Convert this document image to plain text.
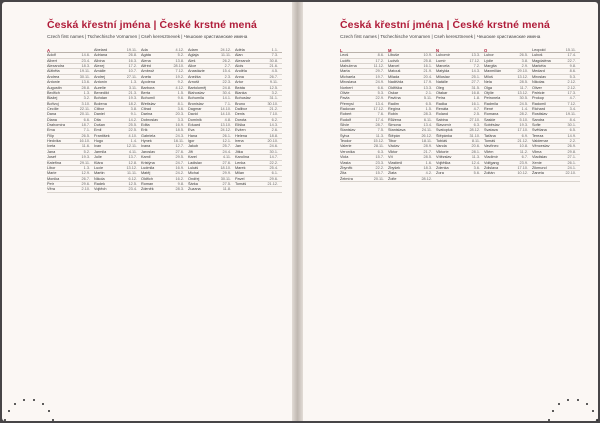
Česká křestní jména | České krstné mená
Czech first names | Tschechische Vornamen | Cseh keresztnevek | Чешские христианские имена
A	Abelard	19.11. Ada	4.12. Adam	24.12. Adéla	1.1.
Adolf	14.6. Adriana	26.8. Agáta	5.2. Aglaja	11.11. Alan	7.3.
Albert	23.4. Albína	16.3. Alena	13.8. Aleš	26.2. Alexandr	30.8.
Alexandra	18.3. Alexej	17.2. Alfréd	28.10. Alice	2.7. Alois	21.6.
Alžběta	19.11. Amálie	10.7. Ambrož	7.12. Anastázie	15.4. Anděla	4.5.
Andrea	30.11. Andrej	27.11. Aneta	19.2. Anežka	2.3. Anna	26.7.
Antonie	13.6. Antonín	1.3. Apolena	9.2. Arnošt	22.3. Artur	9.11.
Augustin	28.8. Aurelie	3.11. Barbora	4.12. Bartoloměj	24.8. Beáta	12.5.
Bedřich	1.3. Benedikt	21.3. Berta	1.5. Blahoslav	30.4. Blanka	3.2.
Blažej	3.2. Bohdan	19.3. Bohumil	9.6. Bohumila	14.1. Bohuslav	31.1.
Bořivoj	3.10. Božena	18.2. Břetislav	8.1. Bronislav	7.1. Bruno	30.10.
Cecílie	22.11. Ctibor	3.8. Ctirad	3.6. Dagmar	14.10. Dalibor	21.2.
Dana	20.11. Daniel	9.1. Darina	20.3. David	14.10. Denis	7.10.
Diana	6.6. Dita	14.2. Dobroslav	3.3. Dominik	4.8. Dorota	6.2.
Drahomíra	18.7. Dušan	25.5. Edita	16.9. Eduard	13.10. Eliška	14.3.
Ema	7.1. Emil	22.5. Erik	18.5. Eva	24.12. Evžen	2.6.
Filip	26.5. František	4.10. Gabriela	24.3. Hana	26.1. Helena	18.8.
Hedvika	16.10. Hugo	1.4. Hynek	16.11. Igor	12.1. Irena	20.10.
Iveta	11.6. Ivan	12.11. Ivana	12.7. Jakub	25.7. Jan	24.6.
Jana	5.2. Jarmila	4.11. Jaroslav	27.6. Jiří	24.4. Jitka	30.1.
Josef	19.3. Julie	13.7. Kamil	29.5. Karel	4.11. Karolína	14.7.
Kateřina	29.11. Klára	12.8. Kristýna	24.7. Ladislav	27.6. Lenka	22.2.
Libor	1.3. Lucie	13.12. Ludmila	16.9. Lukáš	18.10. Marek	25.4.
Marie	12.9. Martin	11.11. Matěj	24.2. Michal	29.9. Milan	6.1.
Monika	26.7. Nikola	6.12. Oldřich	16.2. Ondřej	30.11. Pavel	29.6.
Petr	29.6. Radek	12.5. Roman	9.8. Šárka	27.5. Tomáš	21.12.
Věra	2.10. Vojtěch	23.4. Zdeněk	28.3. Zuzana	11.8.
Česká křestní jména | České krstné mená
Czech first names | Tschechische Vornamen | Cseh keresztnevek | Чешские христианские имена
L	M	N	O	Leopold	15.11.
Leoš	8.6. Libuše	10.9. Lubomír	13.3. Lubor	26.5. Luboš	17.4.
Luděk	17.2. Ludvík	25.8. Lumír	17.12. Lýdie	3.8. Magdaléna	22.7.
Mahulena	11.12. Marcel	16.1. Marcela	7.2. Margita	2.9. Markéta	9.8.
Marta	29.7. Matouš	21.9. Matylda	14.3. Maxmilián	29.10. Medard	8.6.
Michaela	19.7. Milada	20.4. Miloslav	25.1. Miloš	13.12. Miroslav	5.3.
Miroslava	24.9. Naděžda	17.9. Natálie	27.7. Nela	28.5. Nikolas	2.12.
Norbert	6.6. Oldřiška	13.3. Oleg	31.5. Olga	11.7. Oliver	2.12.
Olivie	5.3. Oskar	2.1. Otakar	16.8. Otýlie	13.12. Patricie	17.3.
Pavla	22.9. Pavlína	5.11. Petra	1.8. Petronela	30.5. Prokop	4.7.
Přemysl	13.4. Radim	6.5. Radka	16.1. Radmila	24.5. Radomil	7.12.
Radovan	17.12. Regína	1.5. Renáta	4.7. René	1.4. Richard	3.4.
Robert	7.6. Robin	28.3. Roland	2.5. Romana	28.2. Rostislav	19.11.
Rudolf	17.4. Růžena	6.11. Sabina	27.10. Saskie	5.10. Sandra	8.4.
Silvie	28.7. Simona	13.4. Slavomír	6.3. Soběslav	19.3. Sofie	30.1.
Stanislav	7.5. Stanislava	24.11. Svatopluk	28.12. Svatava	17.10. Světlana	6.5.
Sylva	11.3. Štěpán	26.12. Štěpánka	31.10. Taťána	6.9. Tereza	14.9.
Teodor	15.12. Tibor	18.11. Tobiáš	8.11. Tomáš	21.12. Valdemar	2.2.
Valerie	28.11. Václav	28.9. Vanda	20.6. Vavřinec	10.8. Věnceslav	26.9.
Veronika	6.3. Viktor	21.7. Viktorie	28.1. Vilém	11.2. Vilma	29.8.
Viola	15.7. Vít	28.5. Vítězslav	11.3. Vladimír	6.7. Vladislav	27.1.
Vlasta	23.3. Vlastimil	1.6. Vojtěška	12.4. Volfgang	23.9. Xenie	26.1.
Zbyněk	22.2. Zbyšek	18.3. Zdenka	3.6. Zdislava	17.10. Zikmund	24.1.
Zita	15.7. Zlata	4.2. Zora	5.6. Zoltán	10.12. Žaneta	22.10.
Želmíra	20.11. Žofie	28.12.
